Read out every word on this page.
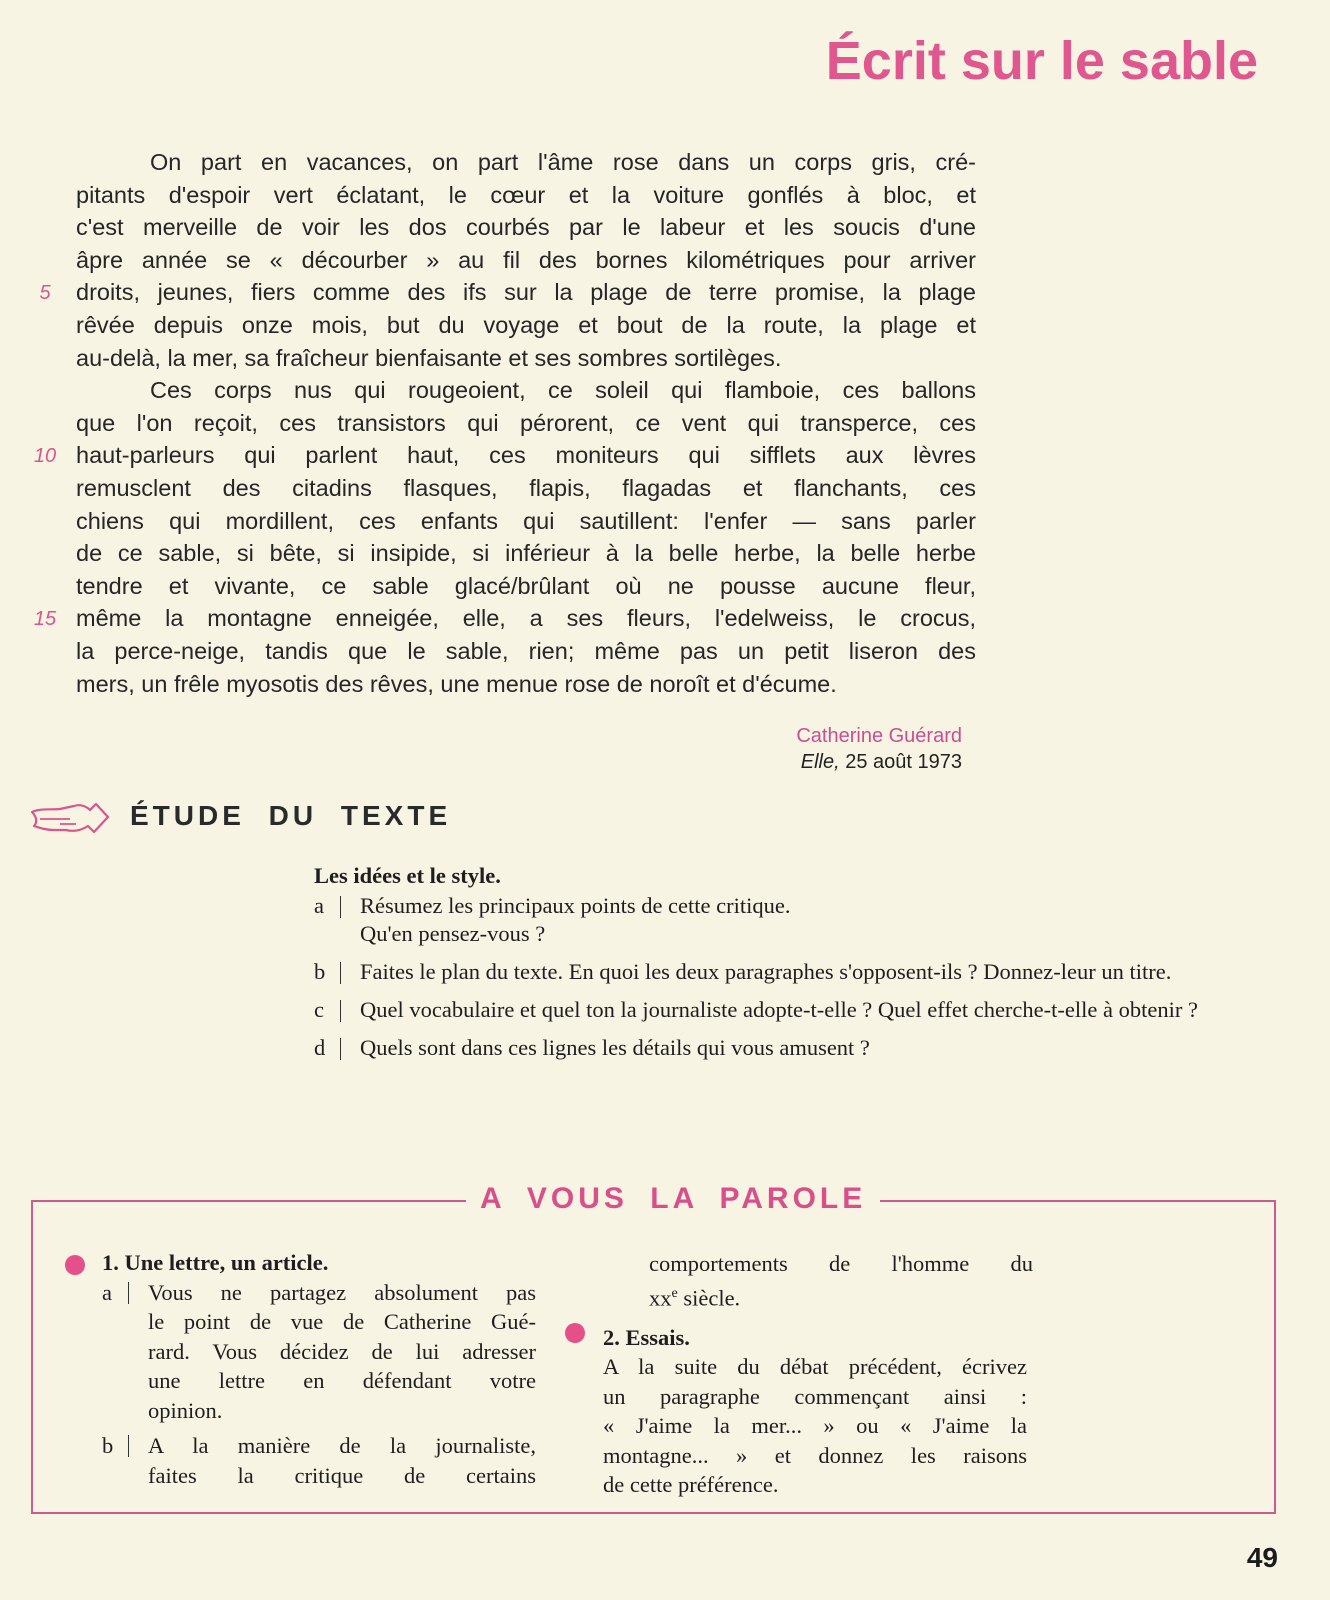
Écrit sur le sable
On part en vacances, on part l'âme rose dans un corps gris, cré-
pitants d'espoir vert éclatant, le cœur et la voiture gonflés à bloc, et
c'est merveille de voir les dos courbés par le labeur et les soucis d'une
âpre année se « décourber » au fil des bornes kilométriques pour arriver
droits, jeunes, fiers comme des ifs sur la plage de terre promise, la plage
rêvée depuis onze mois, but du voyage et bout de la route, la plage et
au-delà, la mer, sa fraîcheur bienfaisante et ses sombres sortilèges.
Ces corps nus qui rougeoient, ce soleil qui flamboie, ces ballons
que l'on reçoit, ces transistors qui pérorent, ce vent qui transperce, ces
haut-parleurs qui parlent haut, ces moniteurs qui sifflets aux lèvres
remusclent des citadins flasques, flapis, flagadas et flanchants, ces
chiens qui mordillent, ces enfants qui sautillent: l'enfer — sans parler
de ce sable, si bête, si insipide, si inférieur à la belle herbe, la belle herbe
tendre et vivante, ce sable glacé/brûlant où ne pousse aucune fleur,
même la montagne enneigée, elle, a ses fleurs, l'edelweiss, le crocus,
la perce-neige, tandis que le sable, rien; même pas un petit liseron des
mers, un frêle myosotis des rêves, une menue rose de noroît et d'écume.
5
10
15
Catherine Guérard
Elle, 25 août 1973
ÉTUDE DU TEXTE
Les idées et le style.
a Résumez les principaux points de cette critique.
Qu'en pensez-vous ?
b Faites le plan du texte. En quoi les deux paragraphes s'opposent-ils ? Donnez-leur un titre.
c Quel vocabulaire et quel ton la journaliste adopte-t-elle ? Quel effet cherche-t-elle à obtenir ?
d Quels sont dans ces lignes les détails qui vous amusent ?
A VOUS LA PAROLE
1. Une lettre, un article.
a Vous ne partagez absolument pas
le point de vue de Catherine Gué-
rard. Vous décidez de lui adresser
une lettre en défendant votre
opinion.
b A la manière de la journaliste,
faites la critique de certains
comportements de l'homme du
$xx^e$ siècle.
2. Essais.
A la suite du débat précédent, écrivez
un paragraphe commençant ainsi :
« J'aime la mer... » ou « J'aime la
montagne... » et donnez les raisons
de cette préférence.

49
